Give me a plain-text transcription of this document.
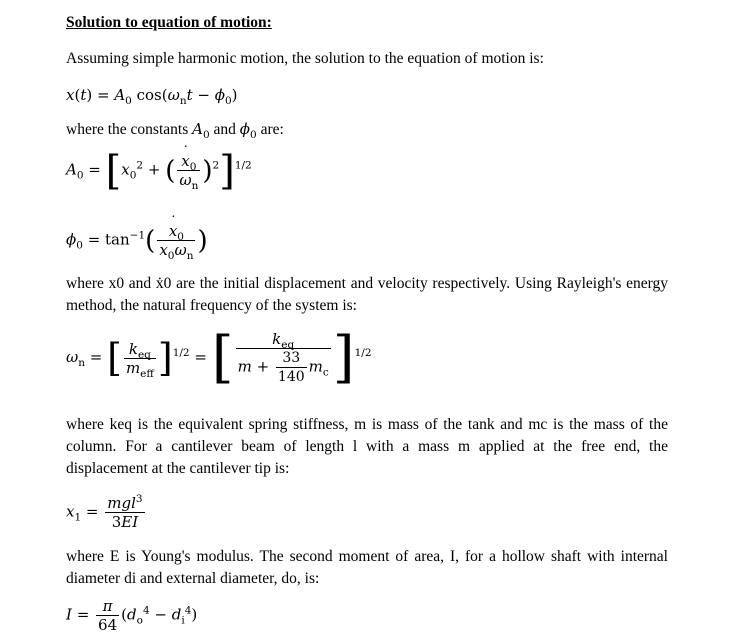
Solution to equation of motion:
Assuming simple harmonic motion, the solution to the equation of motion is:
$x(t) = A_0$ $\cos(\omega_nt - \phi_0)$
where the constants $A_0$ and $\phi_0$ are:
$A_0 = [x_0^2$ + ( $\frac{x ˙_0}{\omega_n} )^2]^{1/2}$
$\phi_0 = \tan^{-1}( \frac{x ˙_0}{x_0\omega_n}$ )
where x0 and ẋ0 are the initial displacement and velocity respectively. Using Rayleigh's energy method, the natural frequency of the system is:
$\omega_n$ = [ $\frac{k_{eq}}{m_{eff}} ]^{1/2}$ = [ $\frac{k_{eq}}{m + \frac{33}{140} m_c} ]^{1/2}$
where keq is the equivalent spring stiffness, m is mass of the tank and mc is the mass of the column. For a cantilever beam of length l with a mass m applied at the free end, the displacement at the cantilever tip is:
$x_1 = \frac{mgl^3}{3EI}$
where E is Young's modulus. The second moment of area, I, for a hollow shaft with internal diameter di and external diameter, do, is:
$I = \frac{\pi}{64} (d_o^4 - d_i^4)$
